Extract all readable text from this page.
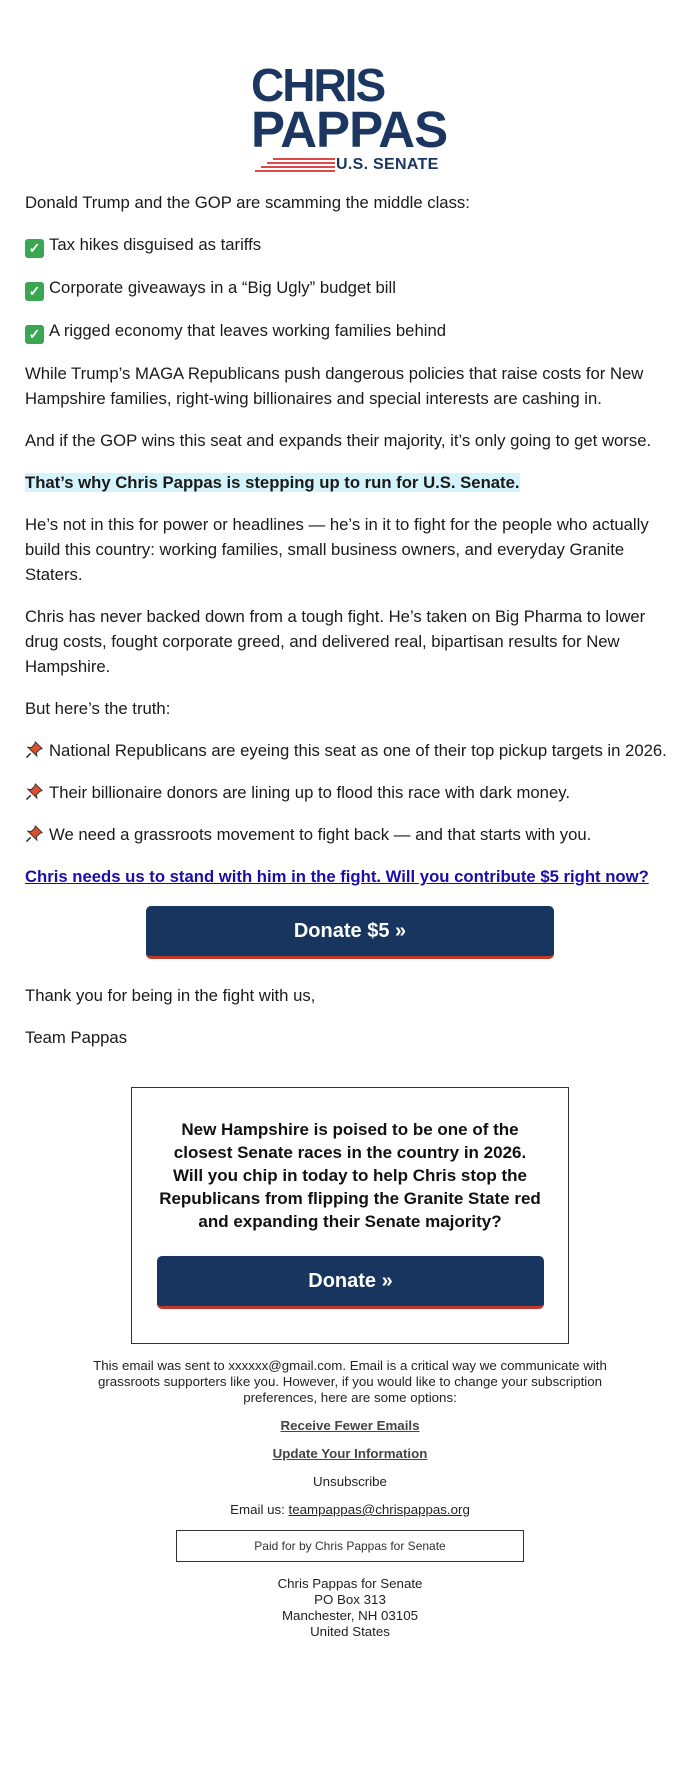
CHRIS
PAPPAS
U.S. SENATE

Donald Trump and the GOP are scamming the middle class:

✓ Tax hikes disguised as tariffs

✓ Corporate giveaways in a “Big Ugly” budget bill

✓ A rigged economy that leaves working families behind

While Trump’s MAGA Republicans push dangerous policies that raise costs for New Hampshire families, right-wing billionaires and special interests are cashing in.

And if the GOP wins this seat and expands their majority, it’s only going to get worse.

That’s why Chris Pappas is stepping up to run for U.S. Senate.

He’s not in this for power or headlines — he’s in it to fight for the people who actually build this country: working families, small business owners, and everyday Granite Staters.

Chris has never backed down from a tough fight. He’s taken on Big Pharma to lower drug costs, fought corporate greed, and delivered real, bipartisan results for New Hampshire.

But here’s the truth:

National Republicans are eyeing this seat as one of their top pickup targets in 2026.

Their billionaire donors are lining up to flood this race with dark money.

We need a grassroots movement to fight back — and that starts with you.

Chris needs us to stand with him in the fight. Will you contribute $5 right now?

Donate $5 »

Thank you for being in the fight with us,

Team Pappas

New Hampshire is poised to be one of the closest Senate races in the country in 2026. Will you chip in today to help Chris stop the Republicans from flipping the Granite State red and expanding their Senate majority?

Donate »

This email was sent to xxxxxx@gmail.com. Email is a critical way we communicate with grassroots supporters like you. However, if you would like to change your subscription preferences, here are some options:

Receive Fewer Emails

Update Your Information

Unsubscribe

Email us: teampappas@chrispappas.org

Paid for by Chris Pappas for Senate
Chris Pappas for Senate
PO Box 313
Manchester, NH 03105
United States
